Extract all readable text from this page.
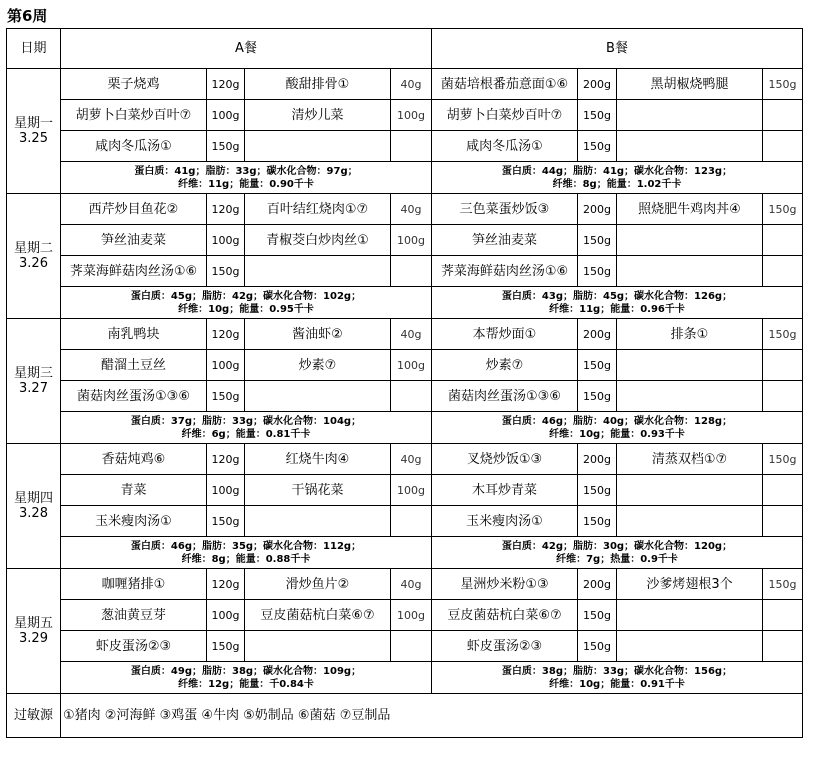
第6周
日期	A餐				B餐			

星期一
3.25	栗子烧鸡	120g	酸甜排骨①	40g	菌菇培根番茄意面①⑥	200g	黑胡椒烧鸭腿	150g
	胡萝卜白菜炒百叶⑦	100g	清炒儿菜	100g	胡萝卜白菜炒百叶⑦	150g		
	咸肉冬瓜汤①	150g			咸肉冬瓜汤①	150g		

	蛋白质：41g；脂肪：33g；碳水化合物：97g；
纤维：11g；能量：0.90千卡				蛋白质：44g；脂肪：41g；碳水化合物：123g；
纤维：8g；能量：1.02千卡			

星期二
3.26	西芹炒目鱼花②	120g	百叶结红烧肉①⑦	40g	三色菜蛋炒饭③	200g	照烧肥牛鸡肉丼④	150g
	笋丝油麦菜	100g	青椒茭白炒肉丝①	100g	笋丝油麦菜	150g		
	荠菜海鲜菇肉丝汤①⑥	150g			荠菜海鲜菇肉丝汤①⑥	150g		

	蛋白质：45g；脂肪：42g；碳水化合物：102g；
纤维：10g；能量：0.95千卡				蛋白质：43g；脂肪：45g；碳水化合物：126g；
纤维：11g；能量：0.96千卡			

星期三
3.27	南乳鸭块	120g	酱油虾②	40g	本帮炒面①	200g	排条①	150g
	醋溜土豆丝	100g	炒素⑦	100g	炒素⑦	150g		
	菌菇肉丝蛋汤①③⑥	150g			菌菇肉丝蛋汤①③⑥	150g		

	蛋白质：37g；脂肪：33g；碳水化合物：104g；
纤维：6g；能量：0.81千卡				蛋白质：46g；脂肪：40g；碳水化合物：128g；
纤维：10g；能量：0.93千卡			

星期四
3.28	香菇炖鸡⑥	120g	红烧牛肉④	40g	叉烧炒饭①③	200g	清蒸双档①⑦	150g
	青菜	100g	干锅花菜	100g	木耳炒青菜	150g		
	玉米瘦肉汤①	150g			玉米瘦肉汤①	150g		

	蛋白质：46g；脂肪：35g；碳水化合物：112g；
纤维：8g；能量：0.88千卡				蛋白质：42g；脂肪：30g；碳水化合物：120g；
纤维：7g；热量：0.9千卡			

星期五
3.29	咖喱猪排①	120g	滑炒鱼片②	40g	星洲炒米粉①③	200g	沙爹烤翅根3个	150g
	葱油黄豆芽	100g	豆皮菌菇杭白菜⑥⑦	100g	豆皮菌菇杭白菜⑥⑦	150g		
	虾皮蛋汤②③	150g			虾皮蛋汤②③	150g		

	蛋白质：49g；脂肪：38g；碳水化合物：109g；
纤维：12g；能量：千0.84卡				蛋白质：38g；脂肪：33g；碳水化合物：156g；
纤维：10g；能量：0.91千卡			

过敏源	①猪肉 ②河海鲜 ③鸡蛋 ④牛肉 ⑤奶制品 ⑥菌菇 ⑦豆制品							
